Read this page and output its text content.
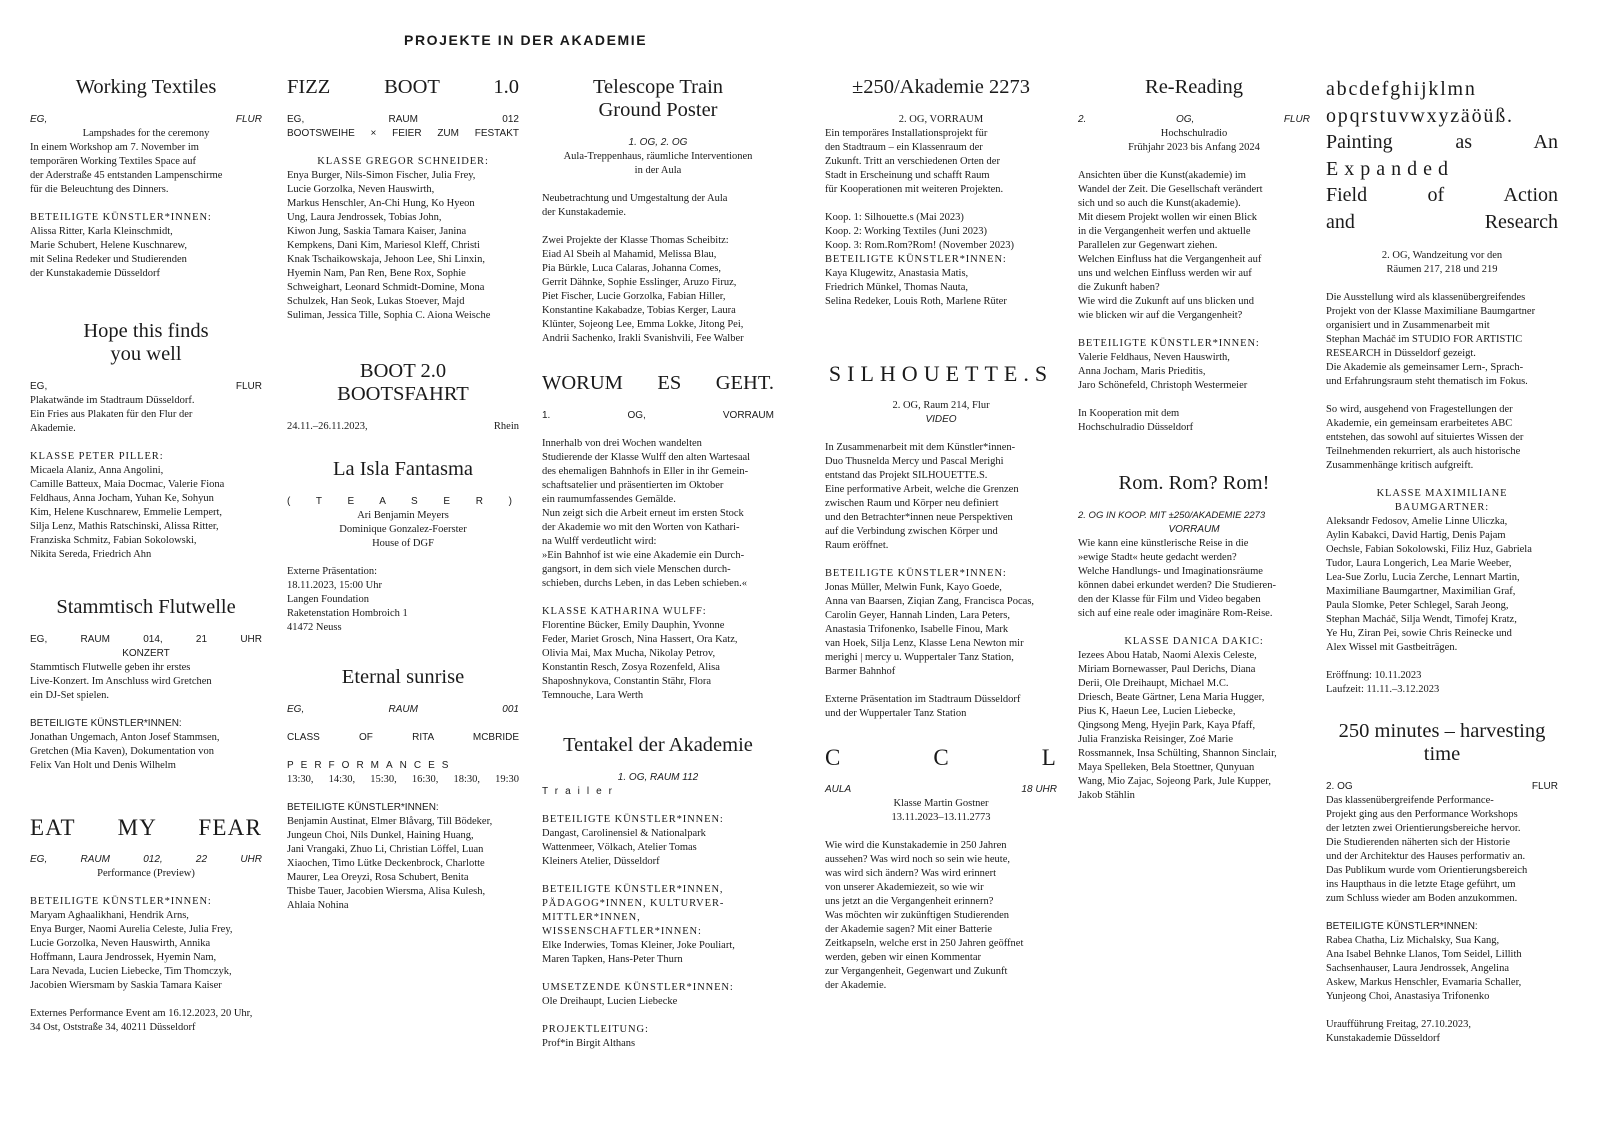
PROJEKTE IN DER AKADEMIE
Working Textiles
EG,	FLUR
Lampshades for the ceremony
In einem Workshop am 7. November im
temporären Working Textiles Space auf
der Aderstraße 45 entstanden Lampenschirme
für die Beleuchtung des Dinners.
BETEILIGTE KÜNSTLER*INNEN:
Alissa Ritter, Karla Kleinschmidt,
Marie Schubert, Helene Kuschnarew,
mit Selina Redeker und Studierenden
der Kunstakademie Düsseldorf
Hope this finds you well
EG,	FLUR
Plakatwände im Stadtraum Düsseldorf.
Ein Fries aus Plakaten für den Flur der
Akademie.
KLASSE PETER PILLER:
Micaela Alaniz, Anna Angolini,
Camille Batteux, Maia Docmac, Valerie Fiona
Feldhaus, Anna Jocham, Yuhan Ke, Sohyun
Kim, Helene Kuschnarew, Emmelie Lempert,
Silja Lenz, Mathis Ratschinski, Alissa Ritter,
Franziska Schmitz, Fabian Sokolowski,
Nikita Sereda, Friedrich Ahn
Stammtisch Flutwelle
EG, RAUM 014, 21 UHR
KONZERT
Stammtisch Flutwelle geben ihr erstes
Live-Konzert. Im Anschluss wird Gretchen
ein DJ-Set spielen.
BETEILIGTE KÜNSTLER*INNEN:
Jonathan Ungemach, Anton Josef Stammsen,
Gretchen (Mia Kaven), Dokumentation von
Felix Van Holt und Denis Wilhelm
EAT MY FEAR
EG, RAUM 012, 22 UHR
Performance (Preview)
BETEILIGTE KÜNSTLER*INNEN:
Maryam Aghaalikhani, Hendrik Arns,
Enya Burger, Naomi Aurelia Celeste, Julia Frey,
Lucie Gorzolka, Neven Hauswirth, Annika
Hoffmann, Laura Jendrossek, Hyemin Nam,
Lara Nevada, Lucien Liebecke, Tim Thomczyk,
Jacobien Wiersmam by Saskia Tamara Kaiser
Externes Performance Event am 16.12.2023, 20 Uhr,
34 Ost, Oststraße 34, 40211 Düsseldorf
FIZZ BOOT 1.0
EG, RAUM 012
BOOTSWEIHE × FEIER ZUM FESTAKT
KLASSE GREGOR SCHNEIDER:
Enya Burger, Nils-Simon Fischer, Julia Frey,
Lucie Gorzolka, Neven Hauswirth,
Markus Henschler, An-Chi Hung, Ko Hyeon
Ung, Laura Jendrossek, Tobias John,
Kiwon Jung, Saskia Tamara Kaiser, Janina
Kempkens, Dani Kim, Mariesol Kleff, Christi
Knak Tschaikowskaja, Jehoon Lee, Shi Linxin,
Hyemin Nam, Pan Ren, Bene Rox, Sophie
Schweighart, Leonard Schmidt-Domine, Mona
Schulzek, Han Seok, Lukas Stoever, Majd
Suliman, Jessica Tille, Sophia C. Aiona Weische
BOOT 2.0 BOOTSFAHRT
24.11.–26.11.2023,	Rhein
La Isla Fantasma
( T E A S E R )
Ari Benjamin Meyers
Dominique Gonzalez-Foerster
House of DGF
Externe Präsentation:
18.11.2023, 15:00 Uhr
Langen Foundation
Raketenstation Hombroich 1
41472 Neuss
Eternal sunrise
EG, RAUM 001
CLASS OF RITA MCBRIDE
PERFORMANCES
13:30, 14:30, 15:30, 16:30, 18:30, 19:30
BETEILIGTE KÜNSTLER*INNEN:
Benjamin Austinat, Elmer Blåvarg, Till Bödeker,
Jungeun Choi, Nils Dunkel, Haining Huang,
Jani Vrangaki, Zhuo Li, Christian Löffel, Luan
Xiaochen, Timo Lütke Deckenbrock, Charlotte
Maurer, Lea Oreyzi, Rosa Schubert, Benita
Thisbe Tauer, Jacobien Wiersma, Alisa Kulesh,
Ahlaia Nohina
Telescope Train Ground Poster
1. OG, 2. OG
Aula-Treppenhaus, räumliche Interventionen
in der Aula
Neubetrachtung und Umgestaltung der Aula
der Kunstakademie.
Zwei Projekte der Klasse Thomas Scheibitz:
Eiad Al Sbeih al Mahamid, Melissa Blau,
Pia Bürkle, Luca Calaras, Johanna Comes,
Gerrit Dähnke, Sophie Esslinger, Aruzo Firuz,
Piet Fischer, Lucie Gorzolka, Fabian Hiller,
Konstantine Kakabadze, Tobias Kerger, Laura
Klünter, Sojeong Lee, Emma Lokke, Jitong Pei,
Andrii Sachenko, Irakli Svanishvili, Fee Walber
WORUM ES GEHT.
1. OG, VORRAUM
Innerhalb von drei Wochen wandelten
Studierende der Klasse Wulff den alten Wartesaal
des ehemaligen Bahnhofs in Eller in ihr Gemein-
schaftsatelier und präsentierten im Oktober
ein raumumfassendes Gemälde.
Nun zeigt sich die Arbeit erneut im ersten Stock
der Akademie wo mit den Worten von Kathari-
na Wulff verdeutlicht wird:
»Ein Bahnhof ist wie eine Akademie ein Durch-
gangsort, in dem sich viele Menschen durch-
schieben, durchs Leben, in das Leben schieben.«
KLASSE KATHARINA WULFF:
Florentine Bücker, Emily Dauphin, Yvonne
Feder, Mariet Grosch, Nina Hassert, Ora Katz,
Olivia Mai, Max Mucha, Nikolay Petrov,
Konstantin Resch, Zosya Rozenfeld, Alisa
Shaposhnykova, Constantin Stähr, Flora
Temnouche, Lara Werth
Tentakel der Akademie
1. OG, RAUM 112
Trailer
BETEILIGTE KÜNSTLER*INNEN:
Dangast, Carolinensiel & Nationalpark
Wattenmeer, Völkach, Atelier Tomas
Kleiners Atelier, Düsseldorf
BETEILIGTE KÜNSTLER*INNEN,
PÄDAGOG*INNEN, KULTURVER-
MITTLER*INNEN,
WISSENSCHAFTLER*INNEN:
Elke Inderwies, Tomas Kleiner, Joke Pouliart,
Maren Tapken, Hans-Peter Thurn
UMSETZENDE KÜNSTLER*INNEN:
Ole Dreihaupt, Lucien Liebecke
PROJEKTLEITUNG:
Prof*in Birgit Althans
±250/Akademie 2273
2. OG, VORRAUM
Ein temporäres Installationsprojekt für
den Stadtraum – ein Klassenraum der
Zukunft. Tritt an verschiedenen Orten der
Stadt in Erscheinung und schafft Raum
für Kooperationen mit weiteren Projekten.
Koop. 1: Silhouette.s (Mai 2023)
Koop. 2: Working Textiles (Juni 2023)
Koop. 3: Rom.Rom?Rom! (November 2023)
BETEILIGTE KÜNSTLER*INNEN:
Kaya Klugewitz, Anastasia Matis,
Friedrich Münkel, Thomas Nauta,
Selina Redeker, Louis Roth, Marlene Rüter
SILHOUETTE.S
2. OG, Raum 214, Flur
VIDEO
In Zusammenarbeit mit dem Künstler*innen-
Duo Thusnelda Mercy und Pascal Merighi
entstand das Projekt SILHOUETTE.S.
Eine performative Arbeit, welche die Grenzen
zwischen Raum und Körper neu definiert
und den Betrachter*innen neue Perspektiven
auf die Verbindung zwischen Körper und
Raum eröffnet.
BETEILIGTE KÜNSTLER*INNEN:
Jonas Müller, Melwin Funk, Kayo Goede,
Anna van Baarsen, Ziqian Zang, Francisca Pocas,
Carolin Geyer, Hannah Linden, Lara Peters,
Anastasia Trifonenko, Isabelle Finou, Mark
van Hoek, Silja Lenz, Klasse Lena Newton mir
merighi | mercy u. Wuppertaler Tanz Station,
Barmer Bahnhof
Externe Präsentation im Stadtraum Düsseldorf
und der Wuppertaler Tanz Station
C C L
AULA	18 UHR
Klasse Martin Gostner
13.11.2023–13.11.2773
Wie wird die Kunstakademie in 250 Jahren
aussehen? Was wird noch so sein wie heute,
was wird sich ändern? Was wird erinnert
von unserer Akademiezeit, so wie wir
uns jetzt an die Vergangenheit erinnern?
Was möchten wir zukünftigen Studierenden
der Akademie sagen? Mit einer Batterie
Zeitkapseln, welche erst in 250 Jahren geöffnet
werden, geben wir einen Kommentar
zur Vergangenheit, Gegenwart und Zukunft
der Akademie.
Re-Reading
2. OG, FLUR
Hochschulradio
Frühjahr 2023 bis Anfang 2024
Ansichten über die Kunst(akademie) im
Wandel der Zeit. Die Gesellschaft verändert
sich und so auch die Kunst(akademie).
Mit diesem Projekt wollen wir einen Blick
in die Vergangenheit werfen und aktuelle
Parallelen zur Gegenwart ziehen.
Welchen Einfluss hat die Vergangenheit auf
uns und welchen Einfluss werden wir auf
die Zukunft haben?
Wie wird die Zukunft auf uns blicken und
wie blicken wir auf die Vergangenheit?
BETEILIGTE KÜNSTLER*INNEN:
Valerie Feldhaus, Neven Hauswirth,
Anna Jocham, Maris Prieditis,
Jaro Schönefeld, Christoph Westermeier
In Kooperation mit dem
Hochschulradio Düsseldorf
Rom. Rom? Rom!
2. OG IN KOOP. MIT ±250/AKADEMIE 2273
VORRAUM
Wie kann eine künstlerische Reise in die
»ewige Stadt« heute gedacht werden?
Welche Handlungs- und Imaginationsräume
können dabei erkundet werden? Die Studieren-
den der Klasse für Film und Video begaben
sich auf eine reale oder imaginäre Rom-Reise.
KLASSE DANICA DAKIC:
Iezees Abou Hatab, Naomi Alexis Celeste,
Miriam Bornewasser, Paul Derichs, Diana
Derii, Ole Dreihaupt, Michael M.C.
Driesch, Beate Gärtner, Lena Maria Hugger,
Pius K, Haeun Lee, Lucien Liebecke,
Qingsong Meng, Hyejin Park, Kaya Pfaff,
Julia Franziska Reisinger, Zoé Marie
Rossmannek, Insa Schülting, Shannon Sinclair,
Maya Spelleken, Bela Stoettner, Qunyuan
Wang, Mio Zajac, Sojeong Park, Jule Kupper,
Jakob Stählin
abcdefghijklmn
opqrstuvwxyzäöüß.
Painting as An
Expanded
Field of Action
and Research
2. OG, Wandzeitung vor den
Räumen 217, 218 und 219
Die Ausstellung wird als klassenübergreifendes
Projekt von der Klasse Maximiliane Baumgartner
organisiert und in Zusammenarbeit mit
Stephan Macháč im STUDIO FOR ARTISTIC
RESEARCH in Düsseldorf gezeigt.
Die Akademie als gemeinsamer Lern-, Sprach-
und Erfahrungsraum steht thematisch im Fokus.
So wird, ausgehend von Fragestellungen der
Akademie, ein gemeinsam erarbeitetes ABC
entstehen, das sowohl auf situiertes Wissen der
Teilnehmenden rekurriert, als auch historische
Zusammenhänge kritisch aufgreift.
KLASSE MAXIMILIANE
BAUMGARTNER:
Aleksandr Fedosov, Amelie Linne Uliczka,
Aylin Kabakci, David Hartig, Denis Pajam
Oechsle, Fabian Sokolowski, Filiz Huz, Gabriela
Tudor, Laura Longerich, Lea Marie Weeber,
Lea-Sue Zorlu, Lucia Zerche, Lennart Martin,
Maximiliane Baumgartner, Maximilian Graf,
Paula Slomke, Peter Schlegel, Sarah Jeong,
Stephan Macháč, Silja Wendt, Timofej Kratz,
Ye Hu, Ziran Pei, sowie Chris Reinecke und
Alex Wissel mit Gastbeiträgen.
Eröffnung: 10.11.2023
Laufzeit: 11.11.–3.12.2023
250 minutes – harvesting time
2. OG	FLUR
Das klassenübergreifende Performance-
Projekt ging aus den Performance Workshops
der letzten zwei Orientierungsbereiche hervor.
Die Studierenden näherten sich der Historie
und der Architektur des Hauses performativ an.
Das Publikum wurde vom Orientierungsbereich
ins Haupthaus in die letzte Etage geführt, um
zum Schluss wieder am Boden anzukommen.
BETEILIGTE KÜNSTLER*INNEN:
Rabea Chatha, Liz Michalsky, Sua Kang,
Ana Isabel Behnke Llanos, Tom Seidel, Lillith
Sachsenhauser, Laura Jendrossek, Angelina
Askew, Markus Henschler, Evamaria Schaller,
Yunjeong Choi, Anastasiya Trifonenko
Uraufführung Freitag, 27.10.2023,
Kunstakademie Düsseldorf
